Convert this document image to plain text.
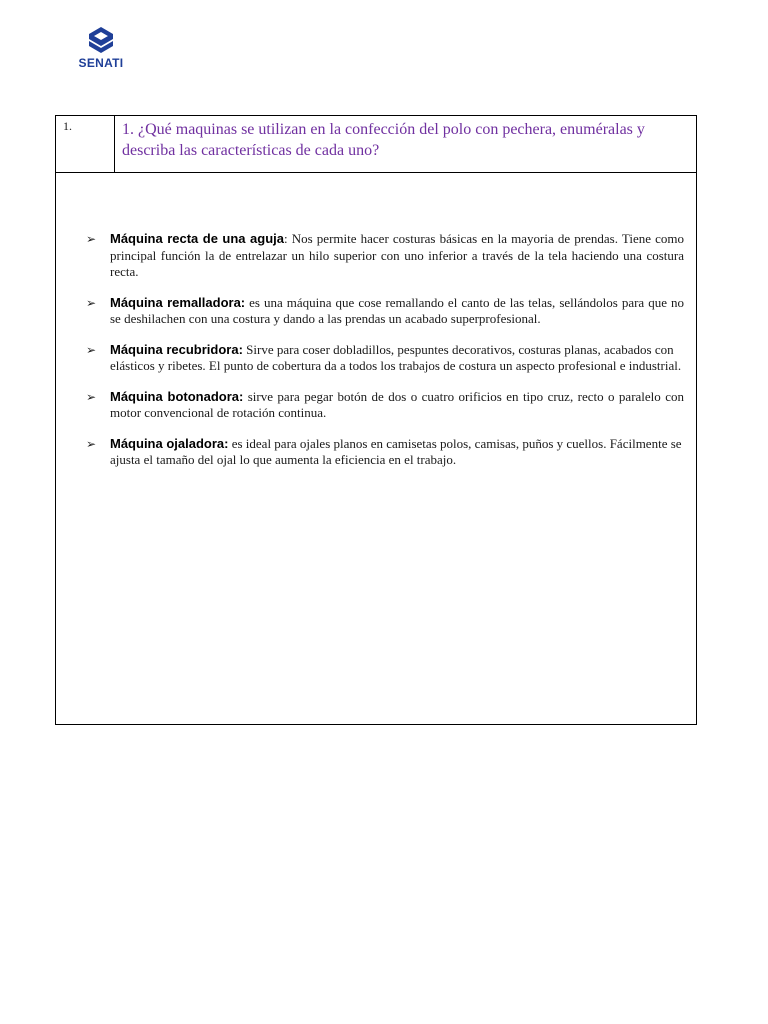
SENATI
1.	1. ¿Qué maquinas se utilizan en la confección del polo con pechera, enuméralas y describa las características de cada uno?
➢ Máquina recta de una aguja: Nos permite hacer costuras básicas en la mayoria de prendas. Tiene como principal función la de entrelazar un hilo superior con uno inferior a través de la tela haciendo una costura recta.
➢ Máquina remalladora: es una máquina que cose remallando el canto de las telas, sellándolos para que no se deshilachen con una costura y dando a las prendas un acabado superprofesional.
➢ Máquina recubridora: Sirve para coser dobladillos, pespuntes decorativos, costuras planas, acabados con elásticos y ribetes. El punto de cobertura da a todos los trabajos de costura un aspecto profesional e industrial.
➢ Máquina botonadora: sirve para pegar botón de dos o cuatro orificios en tipo cruz, recto o paralelo con motor convencional de rotación continua.
➢ Máquina ojaladora: es ideal para ojales planos en camisetas polos, camisas, puños y cuellos. Fácilmente se ajusta el tamaño del ojal lo que aumenta la eficiencia en el trabajo.
